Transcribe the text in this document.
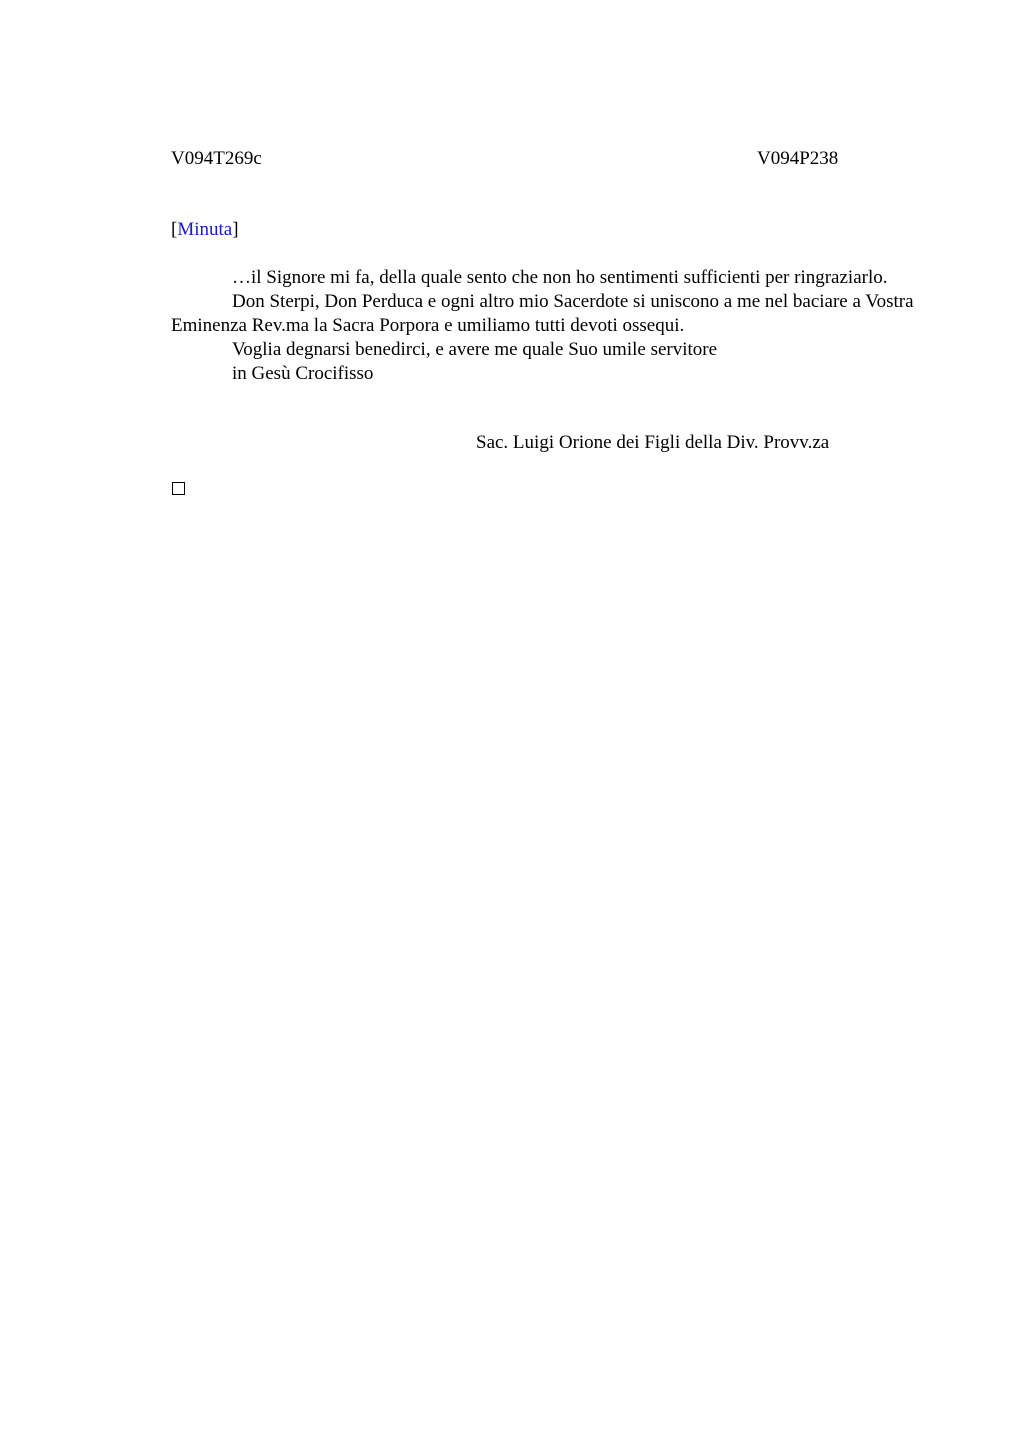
V094T269c	V094P238
[Minuta]

…il Signore mi fa, della quale sento che non ho sentimenti sufficienti per ringraziarlo.

Don Sterpi, Don Perduca e ogni altro mio Sacerdote si uniscono a me nel baciare a Vostra Eminenza Rev.ma la Sacra Porpora e umiliamo tutti devoti ossequi.

Voglia degnarsi benedirci, e avere me quale Suo umile servitore

in Gesù Crocifisso

Sac. Luigi Orione dei Figli della Div. Provv.za
